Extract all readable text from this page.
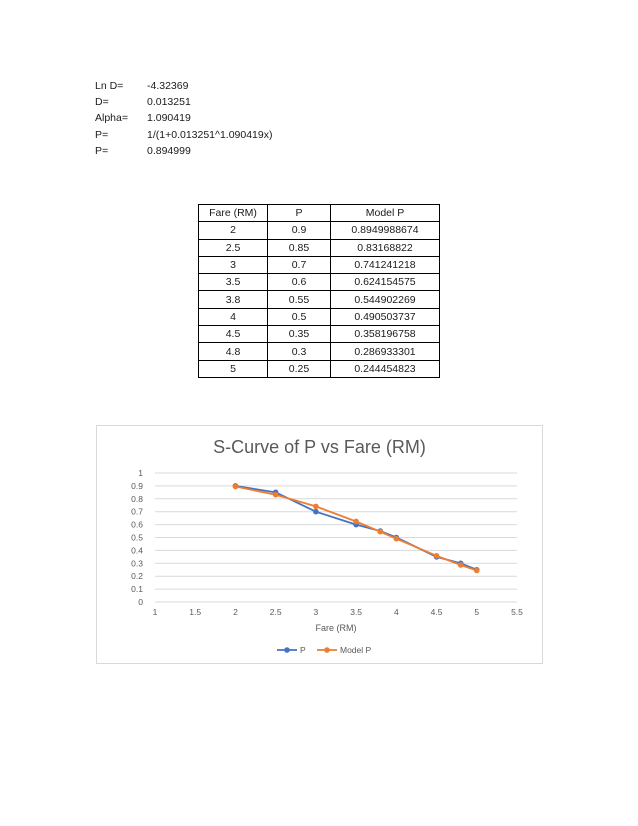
Ln D=	-4.32369
D=	0.013251
Alpha=	1.090419
P=	1/(1+0.013251^1.090419x)
P=	0.894999
Fare (RM)	P	Model P
2	0.9	0.8949988674
2.5	0.85	0.83168822
3	0.7	0.741241218
3.5	0.6	0.624154575
3.8	0.55	0.544902269
4	0.5	0.490503737
4.5	0.35	0.358196758
4.8	0.3	0.286933301
5	0.25	0.244454823
S-Curve of P vs Fare (RM)
0
0.1
0.2
0.3
0.4
0.5
0.6
0.7
0.8
0.9
1
1	1.5	2	2.5	3	3.5	4	4.5	5	5.5
Fare (RM)
P	Model P
